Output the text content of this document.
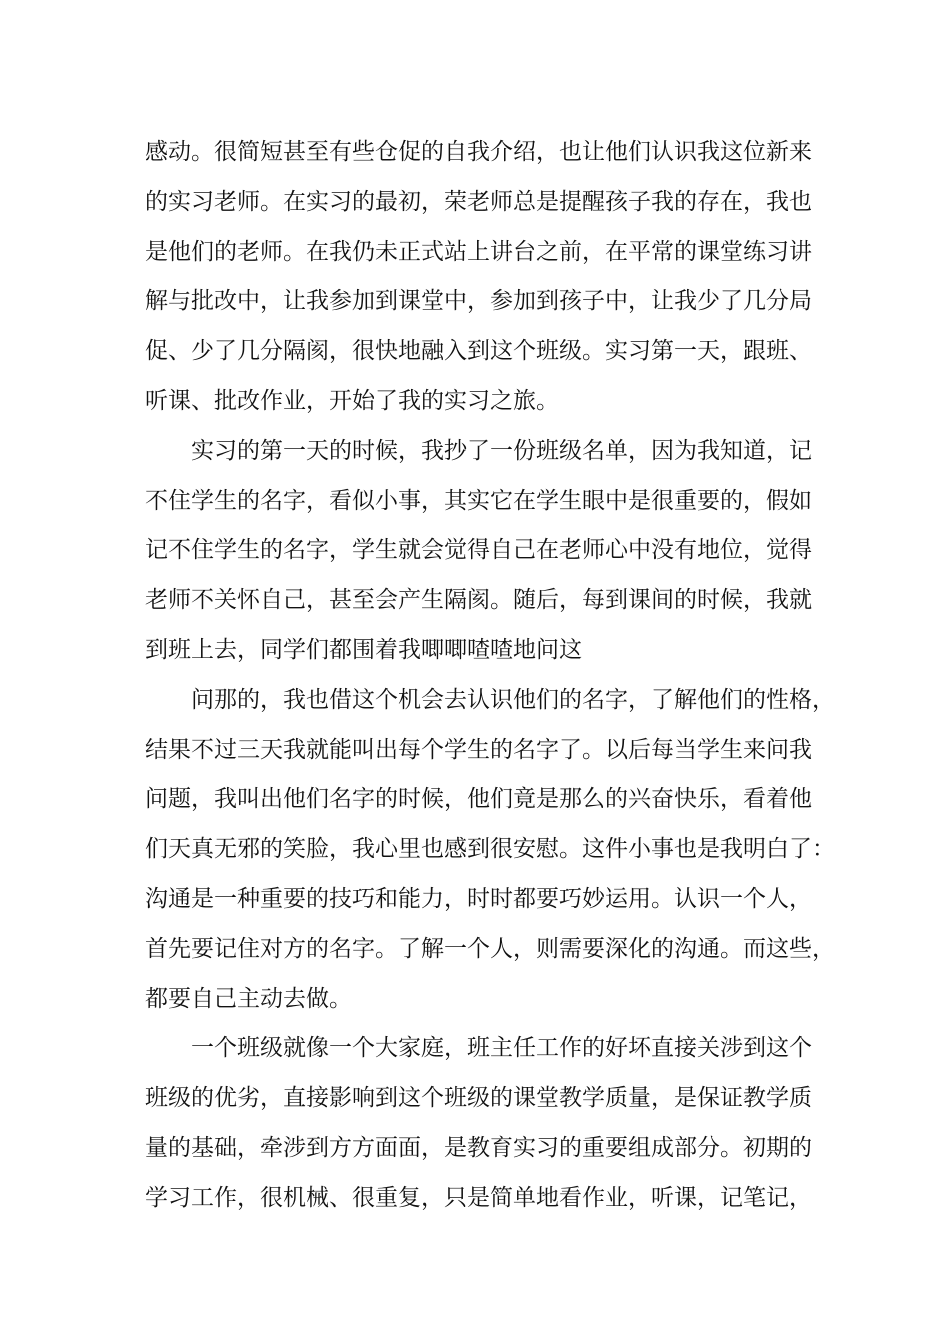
感动。很简短甚至有些仓促的自我介绍，也让他们认识我这位新来
的实习老师。在实习的最初，荣老师总是提醒孩子我的存在，我也
是他们的老师。在我仍未正式站上讲台之前，在平常的课堂练习讲
解与批改中，让我参加到课堂中，参加到孩子中，让我少了几分局
促、少了几分隔阂，很快地融入到这个班级。实习第一天，跟班、
听课、批改作业，开始了我的实习之旅。
实习的第一天的时候，我抄了一份班级名单，因为我知道，记
不住学生的名字，看似小事，其实它在学生眼中是很重要的，假如
记不住学生的名字，学生就会觉得自己在老师心中没有地位，觉得
老师不关怀自己，甚至会产生隔阂。随后，每到课间的时候，我就
到班上去，同学们都围着我唧唧喳喳地问这
问那的，我也借这个机会去认识他们的名字，了解他们的性格，
结果不过三天我就能叫出每个学生的名字了。以后每当学生来问我
问题，我叫出他们名字的时候，他们竟是那么的兴奋快乐，看着他
们天真无邪的笑脸，我心里也感到很安慰。这件小事也是我明白了：
沟通是一种重要的技巧和能力，时时都要巧妙运用。认识一个人，
首先要记住对方的名字。了解一个人，则需要深化的沟通。而这些，
都要自己主动去做。
一个班级就像一个大家庭，班主任工作的好坏直接关涉到这个
班级的优劣，直接影响到这个班级的课堂教学质量，是保证教学质
量的基础，牵涉到方方面面，是教育实习的重要组成部分。初期的
学习工作，很机械、很重复，只是简单地看作业，听课，记笔记，
